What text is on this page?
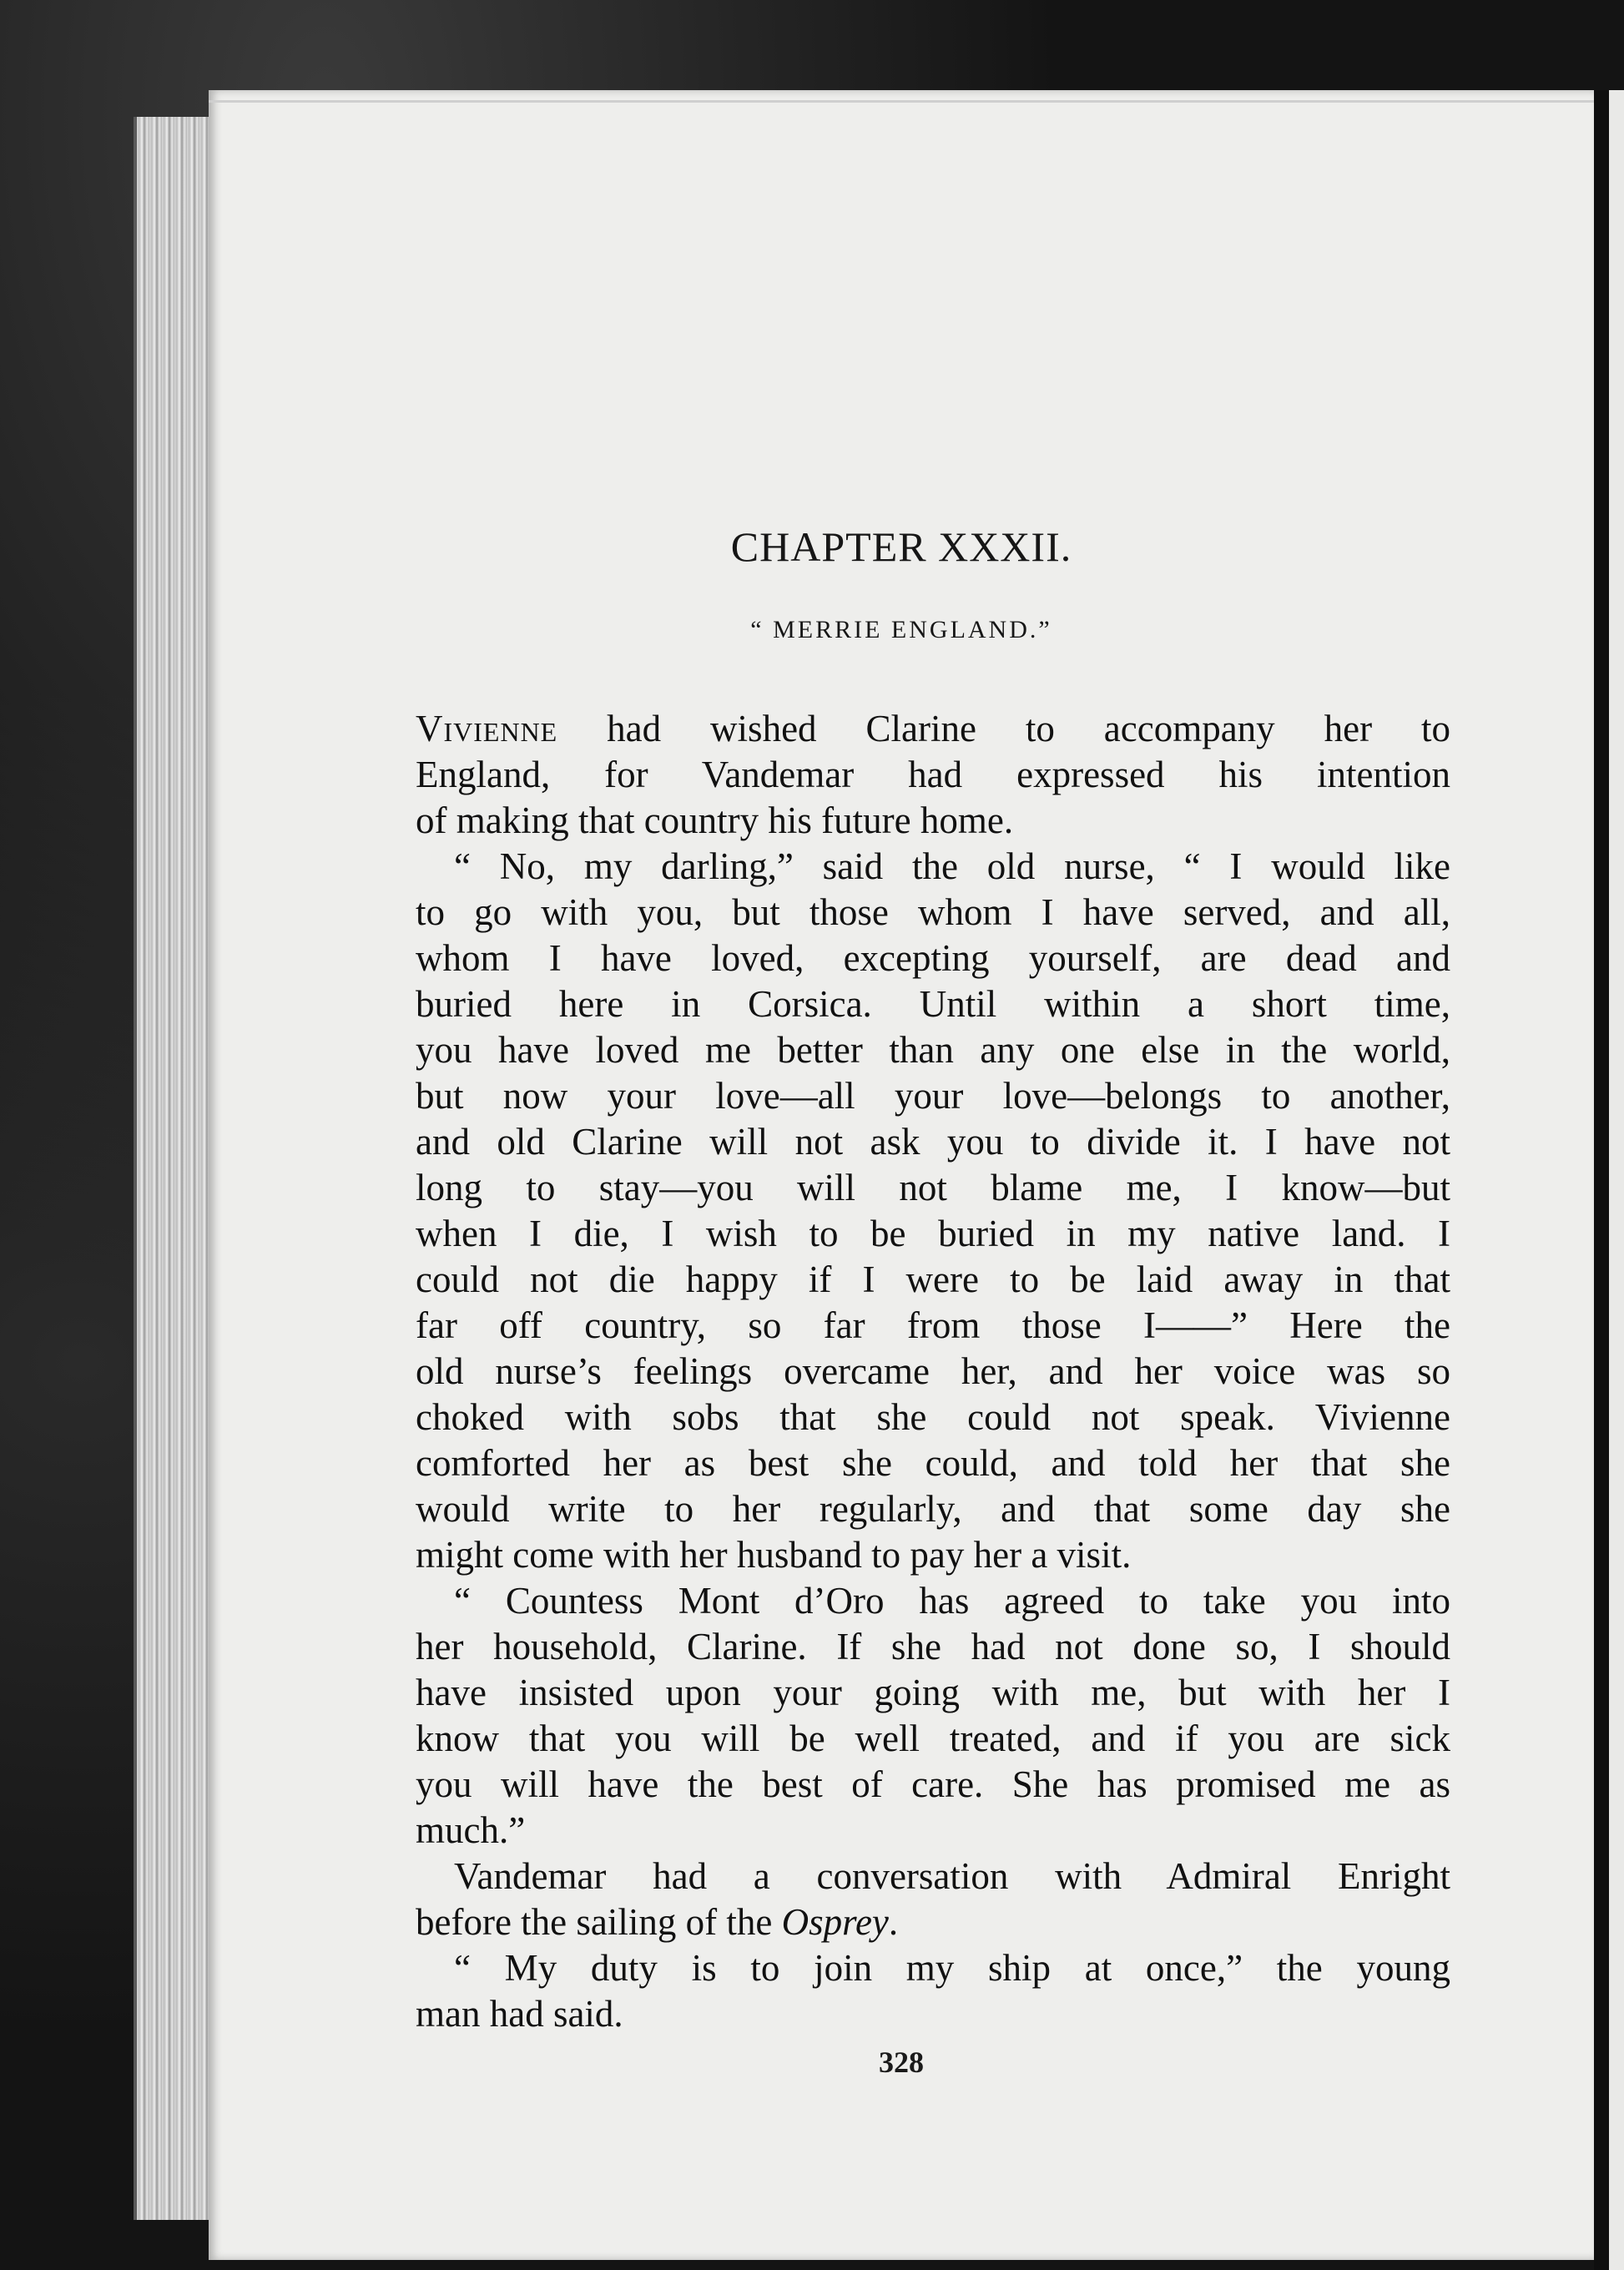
CHAPTER XXXII.
“ MERRIE ENGLAND.”
Vivienne had wished Clarine to accompany her to
England, for Vandemar had expressed his intention
of making that country his future home.
“ No, my darling,” said the old nurse, “ I would like
to go with you, but those whom I have served, and all,
whom I have loved, excepting yourself, are dead and
buried here in Corsica. Until within a short time,
you have loved me better than any one else in the world,
but now your love—all your love—belongs to another,
and old Clarine will not ask you to divide it. I have not
long to stay—you will not blame me, I know—but
when I die, I wish to be buried in my native land. I
could not die happy if I were to be laid away in that
far off country, so far from those I——” Here the
old nurse’s feelings overcame her, and her voice was so
choked with sobs that she could not speak. Vivienne
comforted her as best she could, and told her that she
would write to her regularly, and that some day she
might come with her husband to pay her a visit.
“ Countess Mont d’Oro has agreed to take you into
her household, Clarine. If she had not done so, I should
have insisted upon your going with me, but with her I
know that you will be well treated, and if you are sick
you will have the best of care. She has promised me as
much.”
Vandemar had a conversation with Admiral Enright
before the sailing of the Osprey.
“ My duty is to join my ship at once,” the young
man had said.
328
